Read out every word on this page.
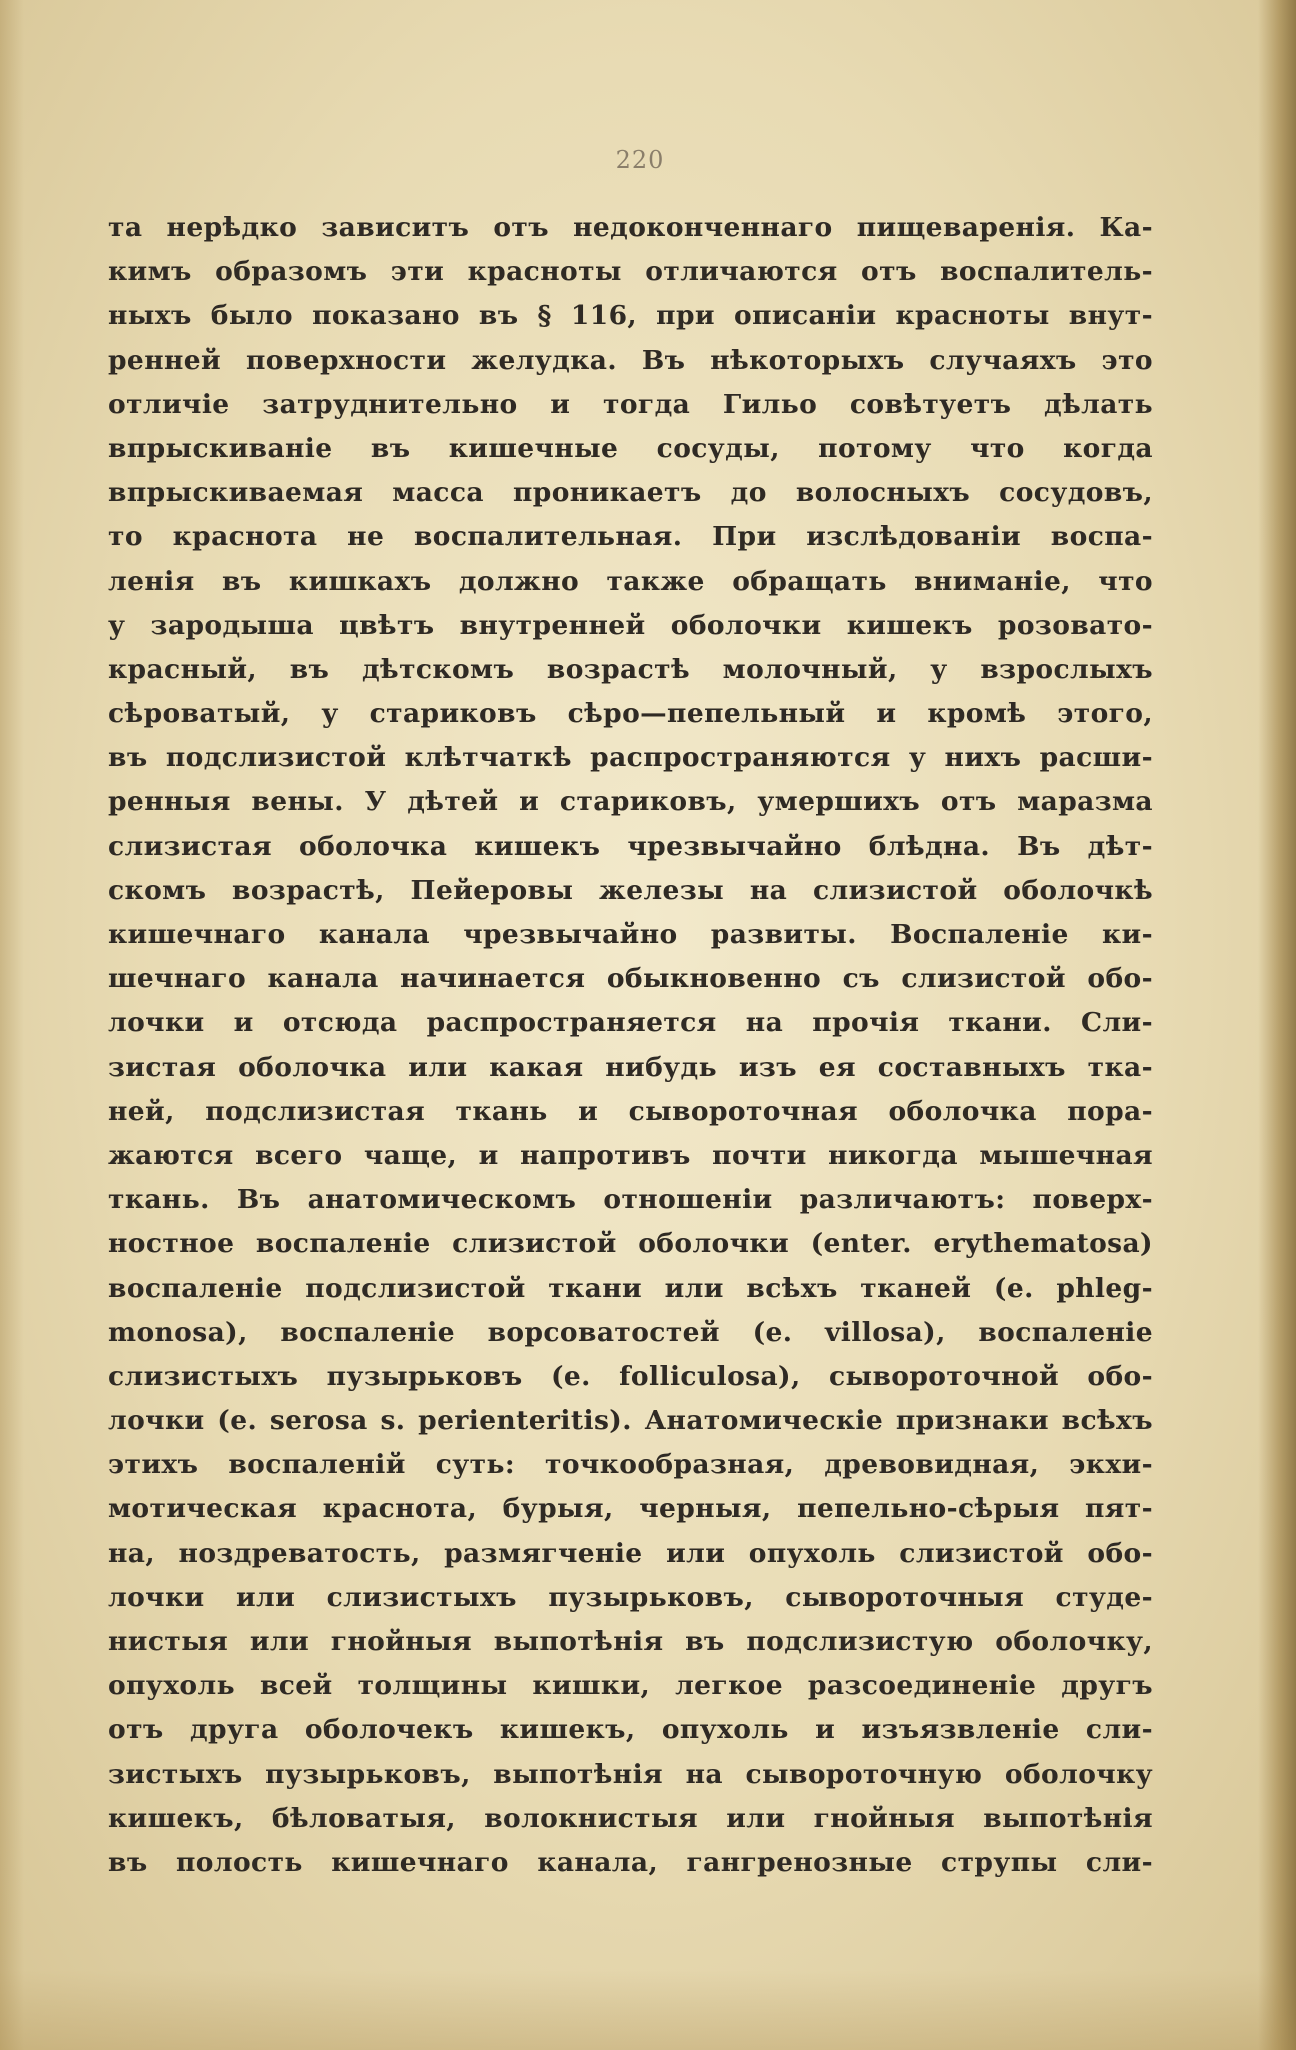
220
та нерѣдко зависитъ отъ недоконченнаго пищеваренія. Ка-
кимъ образомъ эти красноты отличаются отъ воспалитель-
ныхъ было показано въ § 116, при описаніи красноты внут-
ренней поверхности желудка. Въ нѣкоторыхъ случаяхъ это
отличіе затруднительно и тогда Гильо совѣтуетъ дѣлать
впрыскиваніе въ кишечные сосуды, потому что когда
впрыскиваемая масса проникаетъ до волосныхъ сосудовъ,
то краснота не воспалительная. При изслѣдованіи воспа-
ленія въ кишкахъ должно также обращать вниманіе, что
у зародыша цвѣтъ внутренней оболочки кишекъ розовато-
красный, въ дѣтскомъ возрастѣ молочный, у взрослыхъ
сѣроватый, у стариковъ сѣро—пепельный и кромѣ этого,
въ подслизистой клѣтчаткѣ распространяются у нихъ расши-
ренныя вены. У дѣтей и стариковъ, умершихъ отъ маразма
слизистая оболочка кишекъ чрезвычайно блѣдна. Въ дѣт-
скомъ возрастѣ, Пейеровы железы на слизистой оболочкѣ
кишечнаго канала чрезвычайно развиты. Воспаленіе ки-
шечнаго канала начинается обыкновенно съ слизистой обо-
лочки и отсюда распространяется на прочія ткани. Сли-
зистая оболочка или какая нибудь изъ ея составныхъ тка-
ней, подслизистая ткань и сывороточная оболочка пора-
жаются всего чаще, и напротивъ почти никогда мышечная
ткань. Въ анатомическомъ отношеніи различаютъ: поверх-
ностное воспаленіе слизистой оболочки (enter. erythematosa)
воспаленіе подслизистой ткани или всѣхъ тканей (e. phleg-
monosa), воспаленіе ворсоватостей (e. villosa), воспаленіе
слизистыхъ пузырьковъ (e. folliculosa), сывороточной обо-
лочки (e. serosa s. perienteritis). Анатомическіе признаки всѣхъ
этихъ воспаленій суть: точкообразная, древовидная, экхи-
мотическая краснота, бурыя, черныя, пепельно-сѣрыя пят-
на, ноздреватость, размягченіе или опухоль слизистой обо-
лочки или слизистыхъ пузырьковъ, сывороточныя студе-
нистыя или гнойныя выпотѣнія въ подслизистую оболочку,
опухоль всей толщины кишки, легкое разсоединеніе другъ
отъ друга оболочекъ кишекъ, опухоль и изъязвленіе сли-
зистыхъ пузырьковъ, выпотѣнія на сывороточную оболочку
кишекъ, бѣловатыя, волокнистыя или гнойныя выпотѣнія
въ полость кишечнаго канала, гангренозные струпы сли-
